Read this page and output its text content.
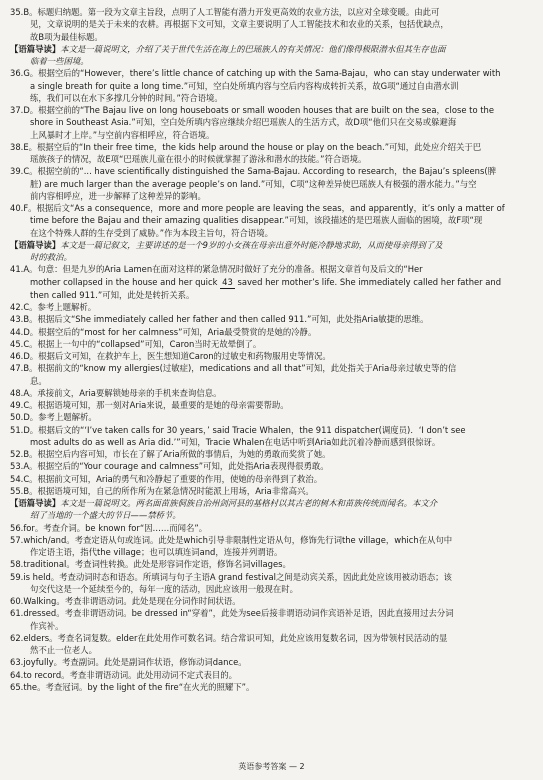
35.B。标题归纳题。第一段为文章主旨段，点明了人工智能有潜力开发更高效的农业方法，以应对全球变暖。由此可
见，文章说明的是关于未来的农耕。再根据下文可知，文章主要说明了人工智能技术和农业的关系，包括优缺点，
故B项为最佳标题。
【语篇导读】本文是一篇说明文，介绍了关于世代生活在海上的巴瑶族人的有关情况：他们像得极限潜水但其生存也面
临着一些困境。
36.G。根据空后的“However，there’s little chance of catching up with the Sama-Bajau，who can stay underwater with
a single breath for quite a long time.”可知，空白处所填内容与空后内容构成转折关系，故G项“通过自由潜水训
练，我们可以在水下多撑几分钟的时间。”符合语境。
37.D。根据空前的“The Bajau live on long houseboats or small wooden houses that are built on the sea，close to the
shore in Southeast Asia.”可知，空白处所填内容应继续介绍巴瑶族人的生活方式，故D项“他们只在交易或躲避海
上风暴时才上岸。”与空前内容相呼应，符合语境。
38.E。根据空后的“In their free time，the kids help around the house or play on the beach.”可知，此处应介绍关于巴
瑶族孩子的情况，故E项“巴瑶族儿童在很小的时候就掌握了游泳和潜水的技能。”符合语境。
39.C。根据空前的“... have scientifically distinguished the Sama-Bajau. According to research，the Bajau’s spleens(脾
脏) are much larger than the average people’s on land.”可知，C项“这种差异使巴瑶族人有极强的潜水能力。”与空
前内容相呼应，进一步解释了这种差异的影响。
40.F。根据后文“As a consequence，more and more people are leaving the seas，and apparently，it’s only a matter of
time before the Bajau and their amazing qualities disappear.”可知，该段描述的是巴瑶族人面临的困境，故F项“现
在这个特殊人群的生存受到了威胁。”作为本段主旨句，符合语境。
【语篇导读】本文是一篇记叙文，主要讲述的是一个9岁的小女孩在母亲出意外时能冷静地求助，从而使母亲得到了及
时的救治。
41.A。句意：但是九岁的Aria Lamen在面对这样的紧急情况时做好了充分的准备。根据文章首句及后文的“Her
mother collapsed in the house and her quick 43 saved her mother’s life. She immediately called her father and
then called 911.”可知，此处是转折关系。
42.C。参考上题解析。
43.B。根据后文“She immediately called her father and then called 911.”可知，此处指Aria敏捷的思维。
44.D。根据空后的“most for her calmness”可知，Aria最受赞赏的是她的冷静。
45.C。根据上一句中的“collapsed”可知，Caron当时无故晕倒了。
46.D。根据后文可知，在救护车上，医生想知道Caron的过敏史和药物服用史等情况。
47.B。根据前文的“know my allergies(过敏症)，medications and all that”可知，此处指关于Aria母亲过敏史等的信
息。
48.A。承接前文，Aria要解锁她母亲的手机来查询信息。
49.C。根据语境可知，那一刻对Aria来说，最重要的是她的母亲需要帮助。
50.D。参考上题解析。
51.D。根据后文的“‘I’ve taken calls for 30 years，’ said Tracie Whalen，the 911 dispatcher(调度员)．‘I don’t see
most adults do as well as Aria did.’”可知，Tracie Whalen在电话中听到Aria如此沉着冷静而感到很惊讶。
52.B。根据空后内容可知，市长在了解了Aria所做的事情后，为她的勇敢而奖赏了她。
53.A。根据空后的“Your courage and calmness”可知，此处指Aria表现得很勇敢。
54.C。根据前文可知，Aria的勇气和冷静起了重要的作用，使她的母亲得到了救治。
55.B。根据语境可知，自己的所作所为在紧急情况时能派上用场，Aria非常高兴。
【语篇导读】本文是一篇说明文。两名面苗族侗族自治州剑河县的基格村以其古老的树木和苗族传统而闻名。本文介
绍了当地的一个盛大的节日——禁桥节。
56.for。考查介词。be known for“因……而闻名”。
57.which/and。考查定语从句或连词。此处是which引导非限制性定语从句，修饰先行词the village，which在从句中
作定语主语，指代the village；也可以填连词and，连接并列谓语。
58.traditional。考查词性转换。此处是形容词作定语，修饰名词villages。
59.is held。考查动词时态和语态。所填词与句子主语A grand festival之间是动宾关系，因此此处应该用被动语态；该
句交代这是一个延续至今的，每年一度的活动，因此应该用一般现在时。
60.Walking。考查非谓语动词。此处是现在分词作时间状语。
61.dressed。考查非谓语动词。be dressed in“穿着”，此处为see后接非谓语动词作宾语补足语，因此直接用过去分词
作宾补。
62.elders。考查名词复数。elder在此处用作可数名词。结合常识可知，此处应该用复数名词，因为带领村民活动的显
然不止一位老人。
63.joyfully。考查副词。此处是副词作状语，修饰动词dance。
64.to record。考查非谓语动词。此处用动词不定式表目的。
65.the。考查冠词。by the light of the fire“在火光的照耀下”。
英语参考答案 — 2
